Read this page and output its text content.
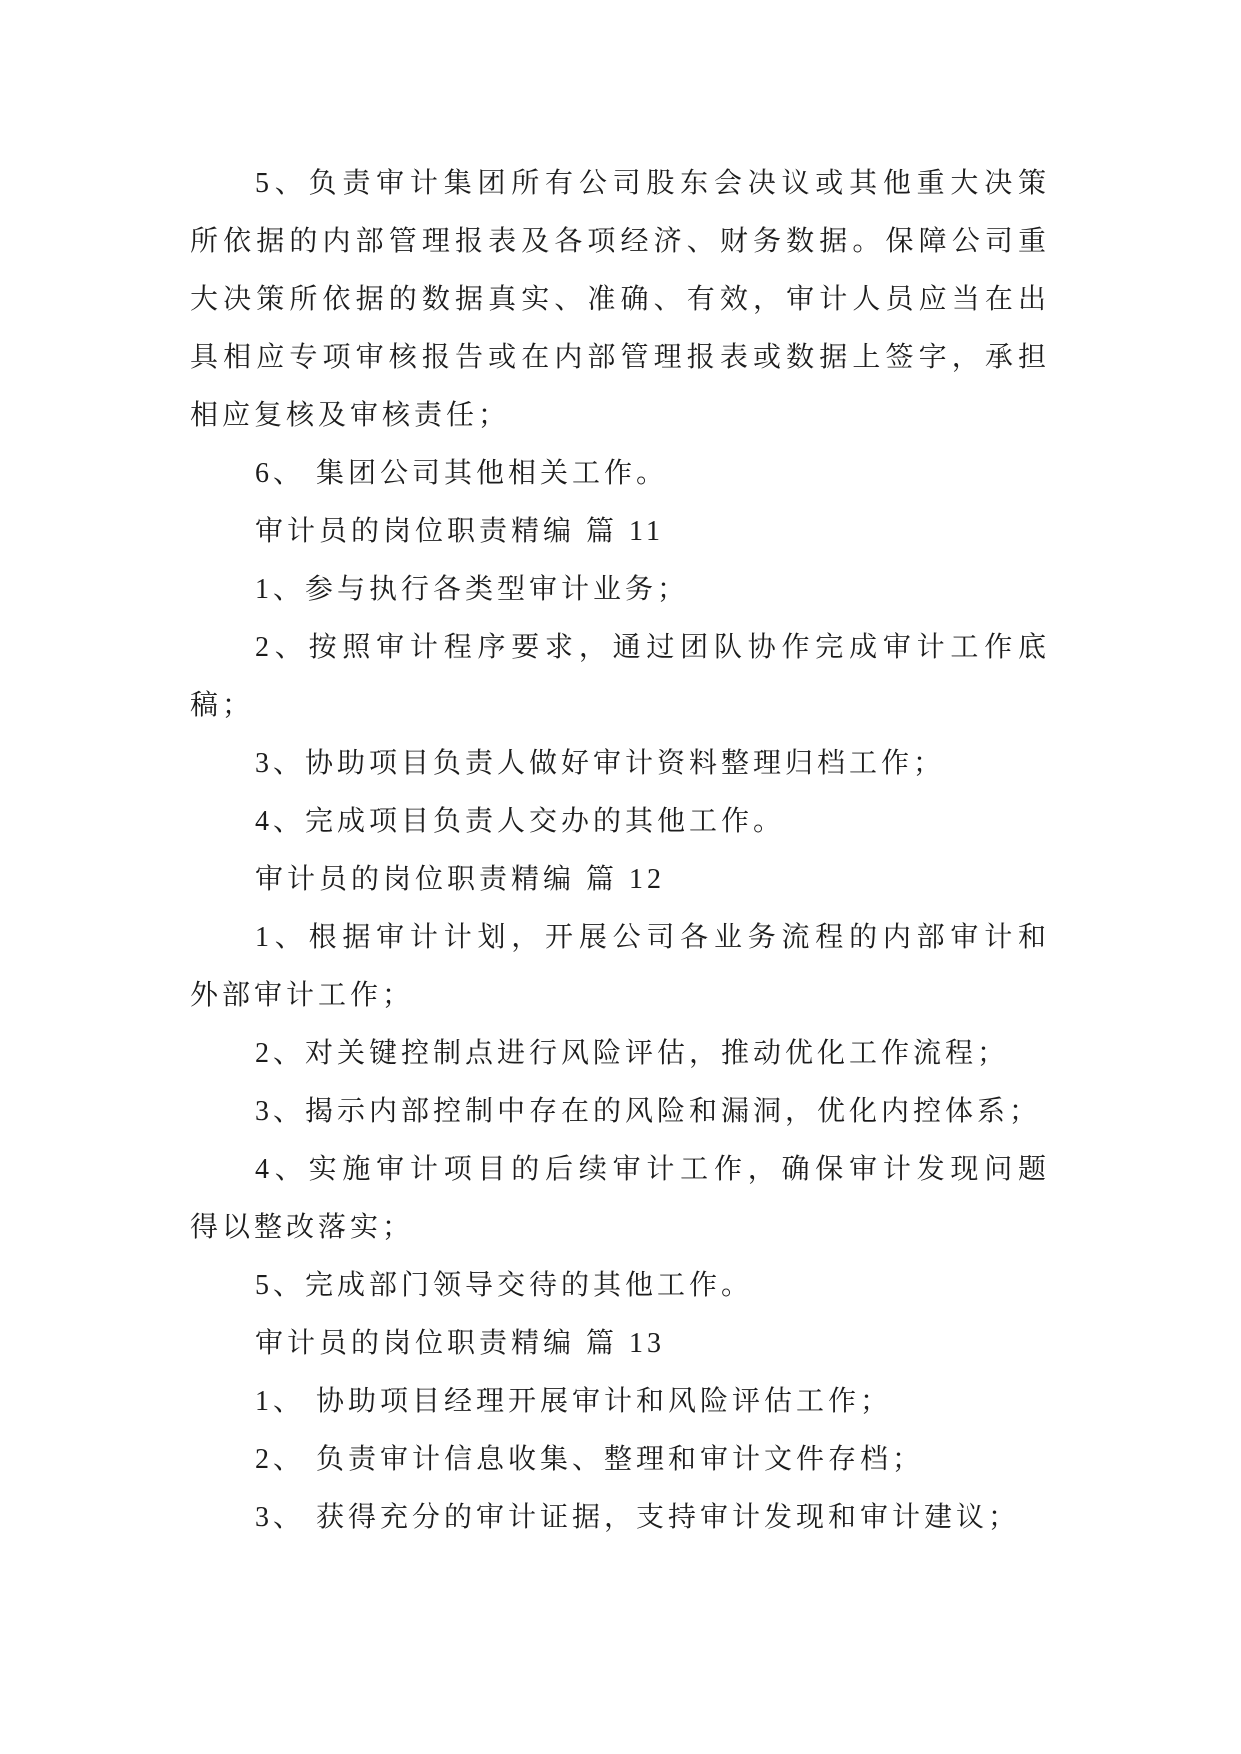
5、负责审计集团所有公司股东会决议或其他重大决策
所依据的内部管理报表及各项经济、财务数据。保障公司重
大决策所依据的数据真实、准确、有效，审计人员应当在出
具相应专项审核报告或在内部管理报表或数据上签字，承担
相应复核及审核责任；
6、 集团公司其他相关工作。
审计员的岗位职责精编 篇 11
1、参与执行各类型审计业务；
2、按照审计程序要求，通过团队协作完成审计工作底
稿；
3、协助项目负责人做好审计资料整理归档工作；
4、完成项目负责人交办的其他工作。
审计员的岗位职责精编 篇 12
1、根据审计计划，开展公司各业务流程的内部审计和
外部审计工作；
2、对关键控制点进行风险评估，推动优化工作流程；
3、揭示内部控制中存在的风险和漏洞，优化内控体系；
4、实施审计项目的后续审计工作，确保审计发现问题
得以整改落实；
5、完成部门领导交待的其他工作。
审计员的岗位职责精编 篇 13
1、 协助项目经理开展审计和风险评估工作；
2、 负责审计信息收集、整理和审计文件存档；
3、 获得充分的审计证据，支持审计发现和审计建议；
